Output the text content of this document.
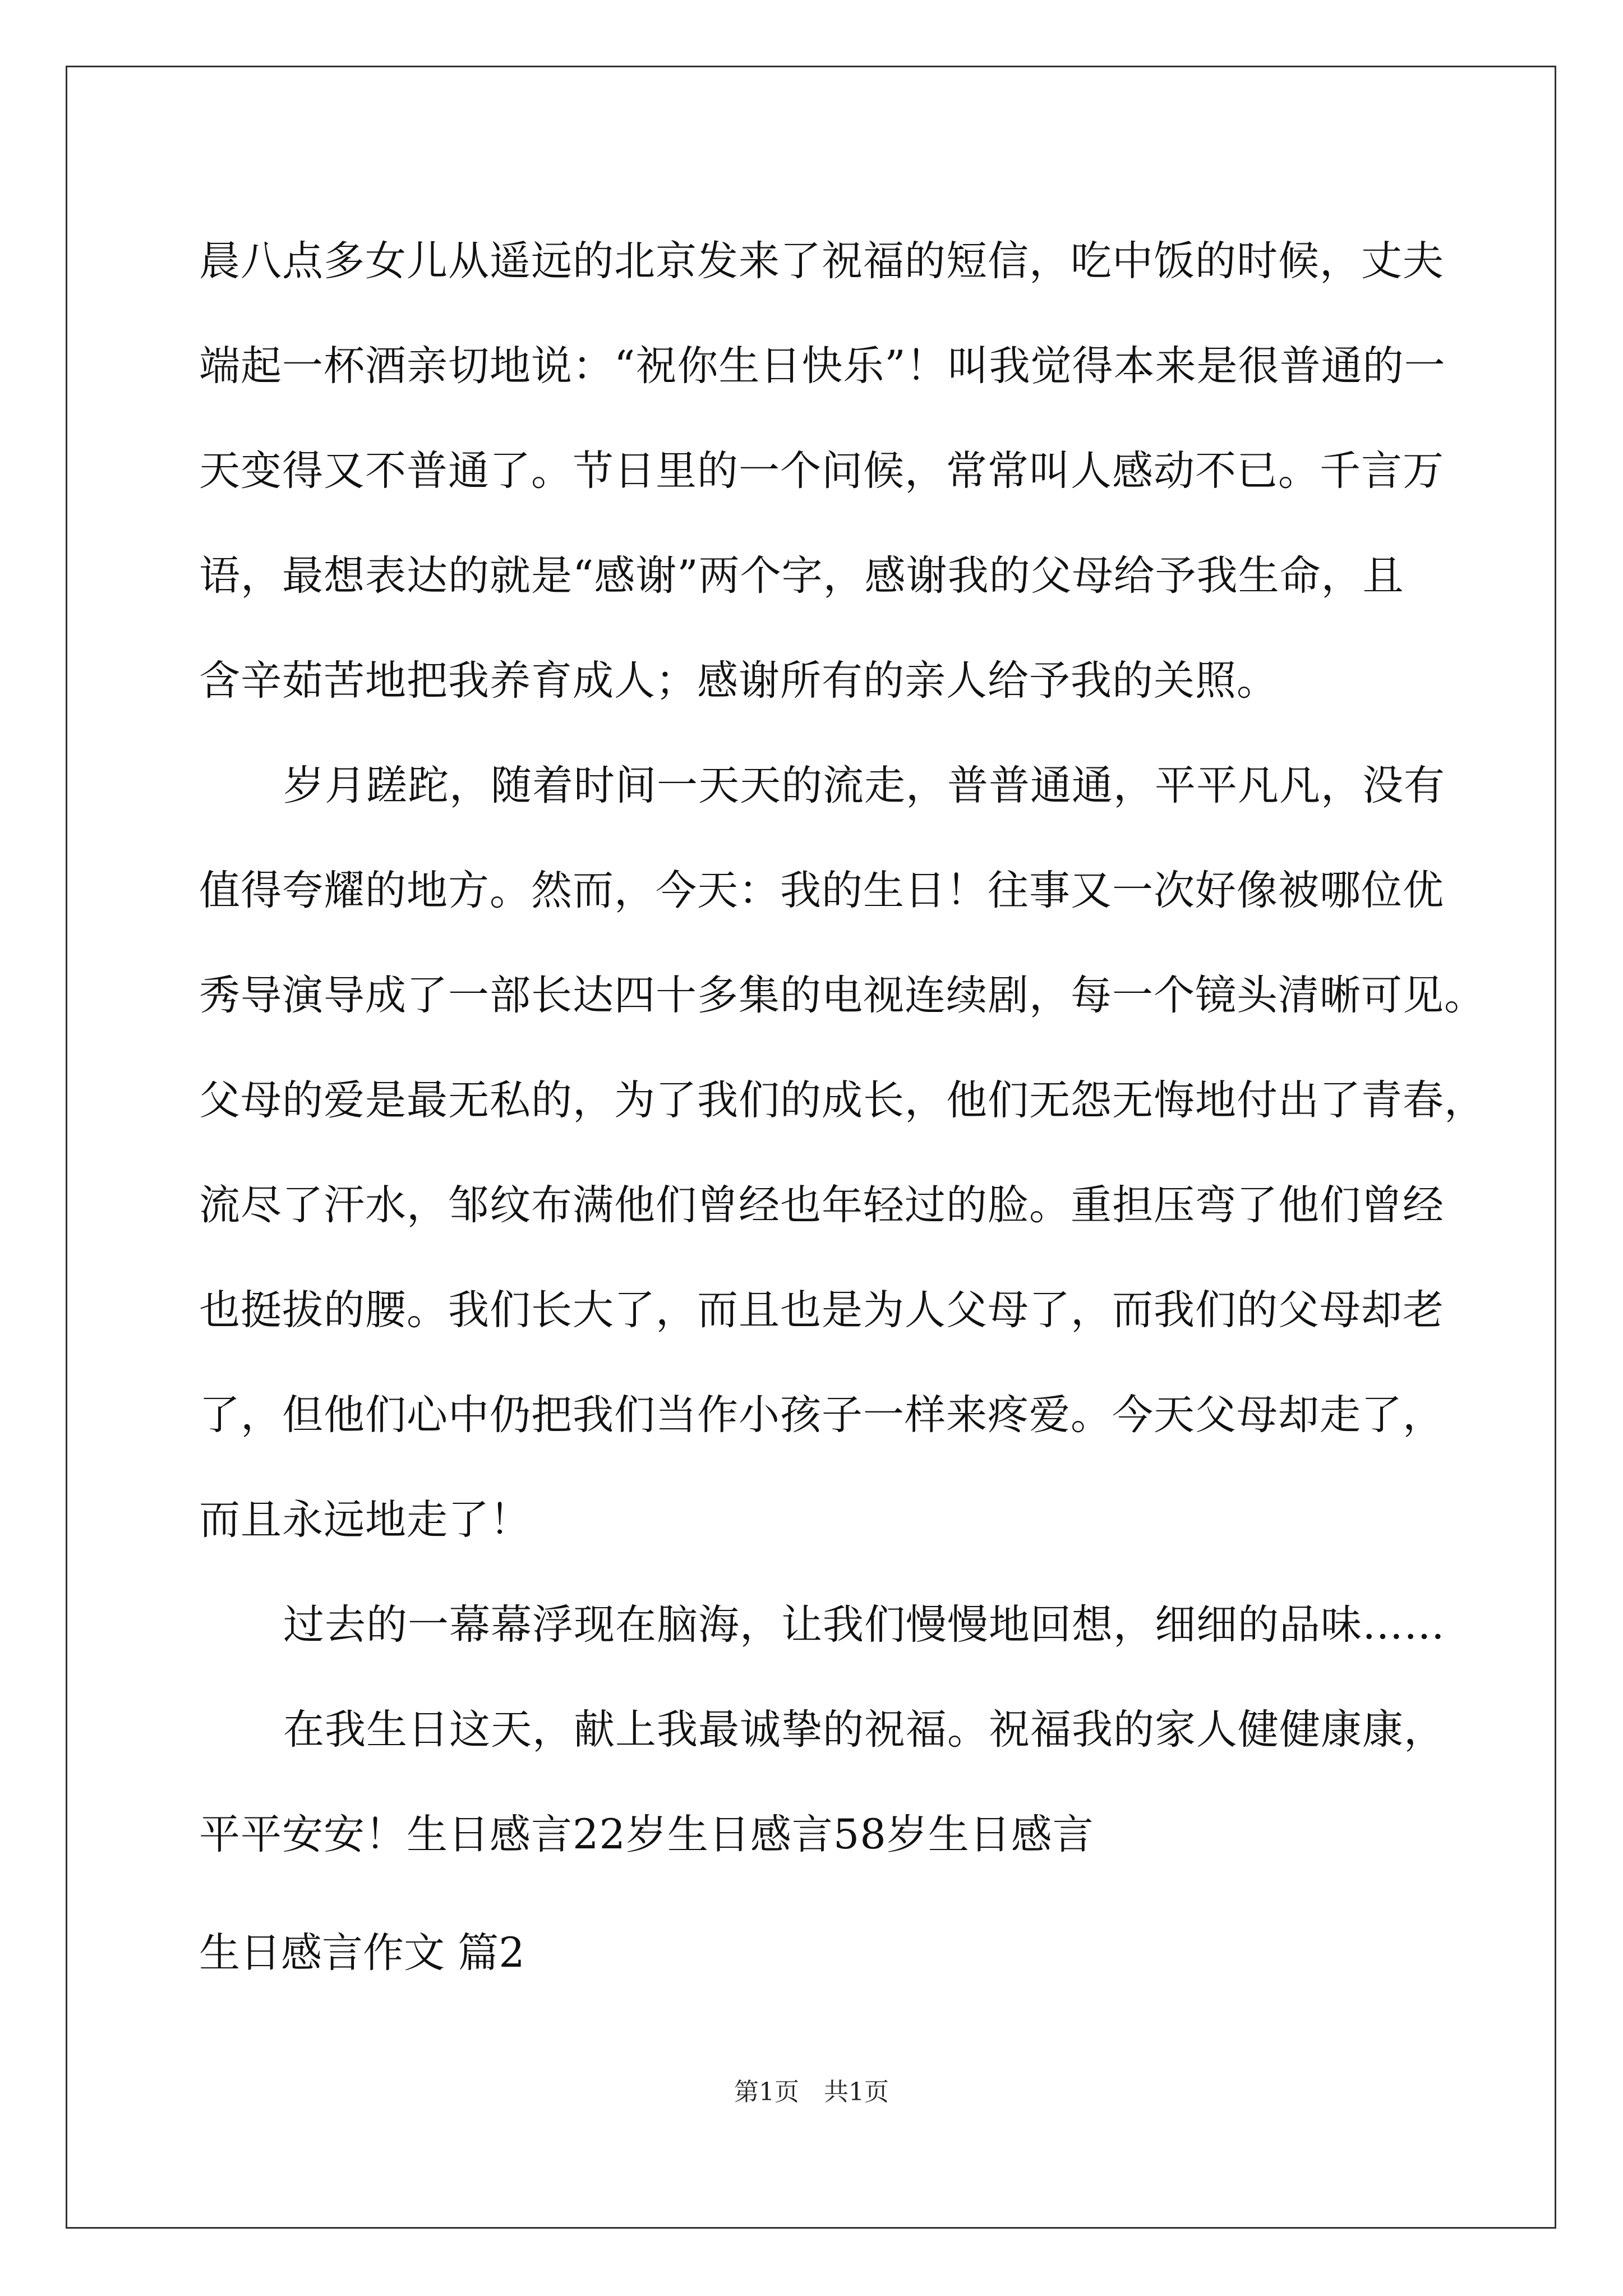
晨八点多女儿从遥远的北京发来了祝福的短信，吃中饭的时候，丈夫
端起一杯酒亲切地说：“祝你生日快乐”！叫我觉得本来是很普通的一
天变得又不普通了。节日里的一个问候，常常叫人感动不已。千言万
语，最想表达的就是“感谢”两个字，感谢我的父母给予我生命，且
含辛茹苦地把我养育成人；感谢所有的亲人给予我的关照。
岁月蹉跎，随着时间一天天的流走，普普通通，平平凡凡，没有
值得夸耀的地方。然而，今天：我的生日！往事又一次好像被哪位优
秀导演导成了一部长达四十多集的电视连续剧，每一个镜头清晰可见。
父母的爱是最无私的，为了我们的成长，他们无怨无悔地付出了青春，
流尽了汗水，邹纹布满他们曾经也年轻过的脸。重担压弯了他们曾经
也挺拔的腰。我们长大了，而且也是为人父母了，而我们的父母却老
了，但他们心中仍把我们当作小孩子一样来疼爱。今天父母却走了，
而且永远地走了！
过去的一幕幕浮现在脑海，让我们慢慢地回想，细细的品味……
在我生日这天，献上我最诚挚的祝福。祝福我的家人健健康康，
平平安安！生日感言22岁生日感言58岁生日感言
生日感言作文 篇2
第1页 共1页
